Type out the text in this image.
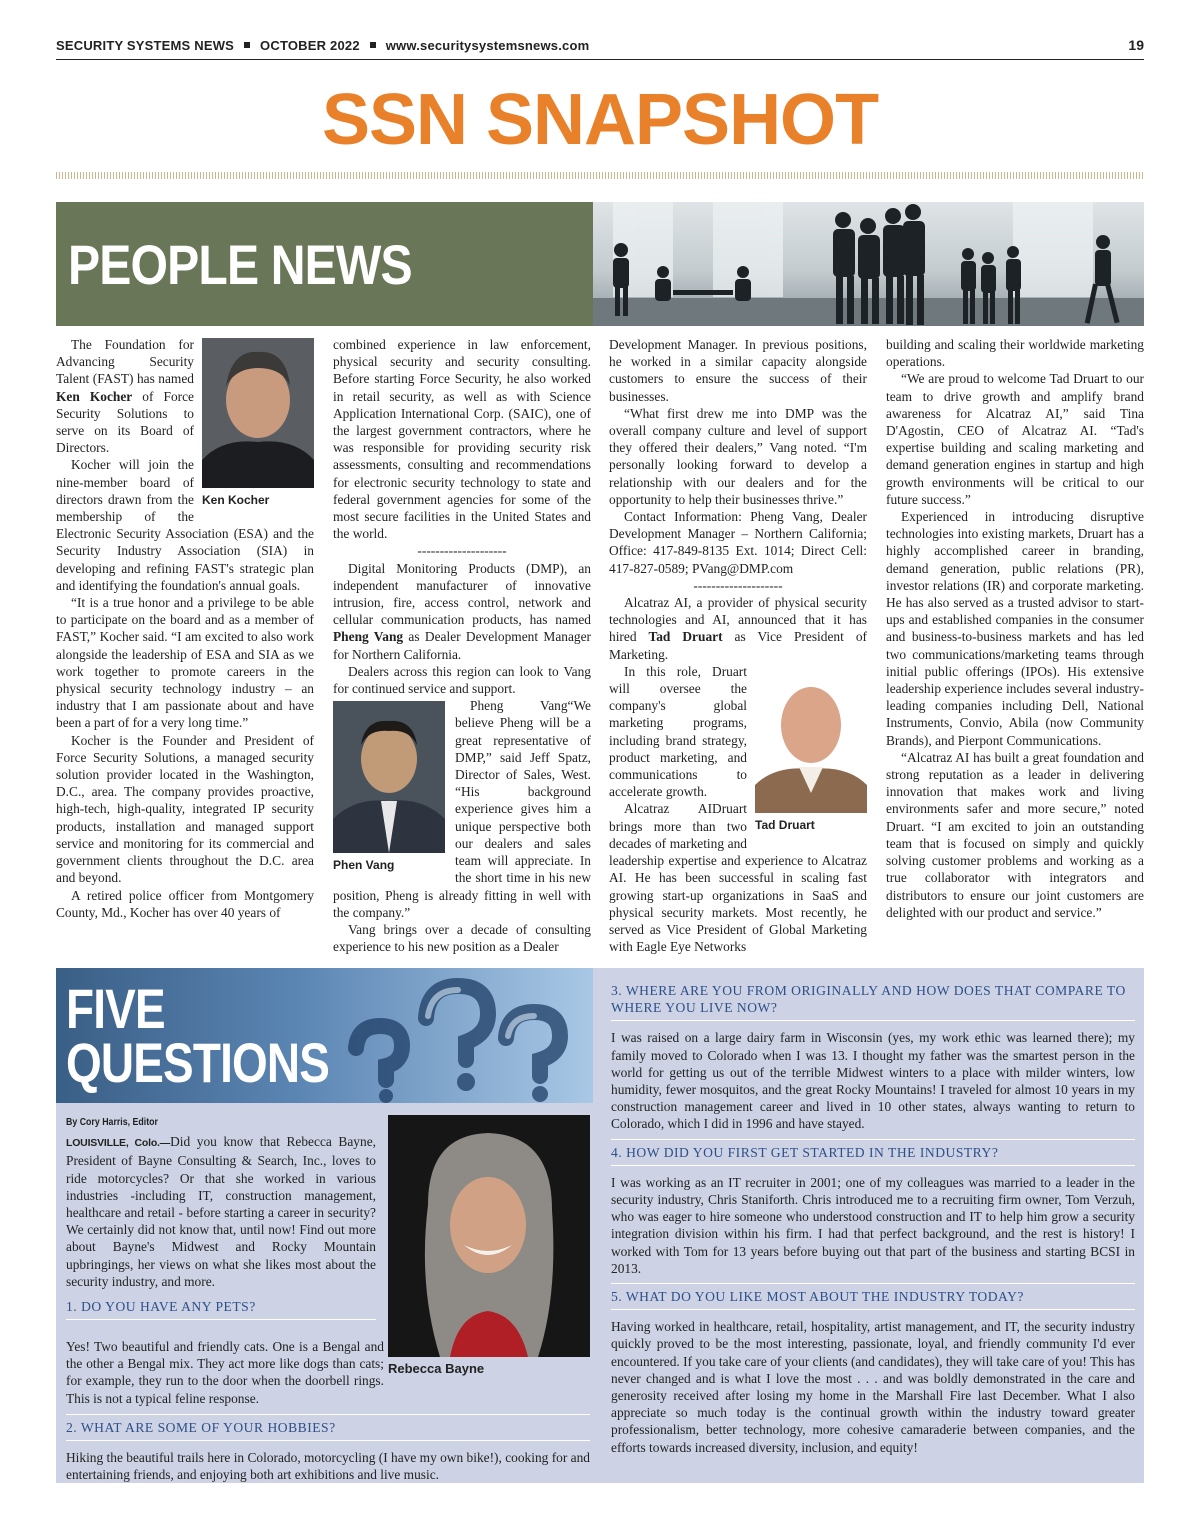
SECURITY SYSTEMS NEWS OCTOBER 2022 www.securitysystemsnews.com	19
SSN SNAPSHOT
PEOPLE NEWS
Ken Kocher

The Foundation for Advancing Security Talent (FAST) has named Ken Kocher of Force Security Solutions to serve on its Board of Directors.

Kocher will join the nine-member board of directors drawn from the membership of the Electronic Security Association (ESA) and the Security Industry Association (SIA) in developing and refining FAST's strategic plan and identifying the foundation's annual goals.

“It is a true honor and a privilege to be able to participate on the board and as a member of FAST,” Kocher said. “I am excited to also work alongside the leadership of ESA and SIA as we work together to promote careers in the physical security technology industry – an industry that I am passionate about and have been a part of for a very long time.”

Kocher is the Founder and President of Force Security Solutions, a managed security solution provider located in the Washington, D.C., area. The company provides proactive, high-tech, high-quality, integrated IP security products, installation and managed support service and monitoring for its commercial and government clients throughout the D.C. area and beyond.

A retired police officer from Montgomery County, Md., Kocher has over 40 years of

combined experience in law enforcement, physical security and security consulting. Before starting Force Security, he also worked in retail security, as well as with Science Application International Corp. (SAIC), one of the largest government contractors, where he was responsible for providing security risk assessments, consulting and recommendations for electronic security technology to state and federal government agencies for some of the most secure facilities in the United States and the world.

--------------------

Digital Monitoring Products (DMP), an independent manufacturer of innovative intrusion, fire, access control, network and cellular communication products, has named Pheng Vang as Dealer Development Manager for Northern California.

Dealers across this region can look to Vang for continued service and support.

Phen Vang

Pheng Vang“We believe Pheng will be a great representative of DMP,” said Jeff Spatz, Director of Sales, West. “His background experience gives him a unique perspective both our dealers and sales team will appreciate. In the short time in his new position, Pheng is already fitting in well with the company.”

Vang brings over a decade of consulting experience to his new position as a Dealer

Development Manager. In previous positions, he worked in a similar capacity alongside customers to ensure the success of their businesses.

“What first drew me into DMP was the overall company culture and level of support they offered their dealers,” Vang noted. “I'm personally looking forward to develop a relationship with our dealers and for the opportunity to help their businesses thrive.”

Contact Information: Pheng Vang, Dealer Development Manager – Northern California; Office: 417-849-8135 Ext. 1014; Direct Cell: 417-827-0589; PVang@DMP.com

--------------------

Alcatraz AI, a provider of physical security technologies and AI, announced that it has hired Tad Druart as Vice President of Marketing.

Tad Druart

In this role, Druart will oversee the company's global marketing programs, including brand strategy, product marketing, and communications to accelerate growth.

Alcatraz AIDruart brings more than two decades of marketing and leadership expertise and experience to Alcatraz AI. He has been successful in scaling fast growing start-up organizations in SaaS and physical security markets. Most recently, he served as Vice President of Global Marketing with Eagle Eye Networks

building and scaling their worldwide marketing operations.

“We are proud to welcome Tad Druart to our team to drive growth and amplify brand awareness for Alcatraz AI,” said Tina D'Agostin, CEO of Alcatraz AI. “Tad's expertise building and scaling marketing and demand generation engines in startup and high growth environments will be critical to our future success.”

Experienced in introducing disruptive technologies into existing markets, Druart has a highly accomplished career in branding, demand generation, public relations (PR), investor relations (IR) and corporate marketing. He has also served as a trusted advisor to start-ups and established companies in the consumer and business-to-business markets and has led two communications/marketing teams through initial public offerings (IPOs). His extensive leadership experience includes several industry-leading companies including Dell, National Instruments, Convio, Abila (now Community Brands), and Pierpont Communications.

“Alcatraz AI has built a great foundation and strong reputation as a leader in delivering innovation that makes work and living environments safer and more secure,” noted Druart. “I am excited to join an outstanding team that is focused on simply and quickly solving customer problems and working as a true collaborator with integrators and distributors to ensure our joint customers are delighted with our product and service.”

FIVE
QUESTIONS
Rebecca Bayne
By Cory Harris, Editor

LOUISVILLE, Colo.—Did you know that Rebecca Bayne, President of Bayne Consulting & Search, Inc., loves to ride motorcycles? Or that she worked in various industries -including IT, construction management, healthcare and retail - before starting a career in security? We certainly did not know that, until now! Find out more about Bayne's Midwest and Rocky Mountain upbringings, her views on what she likes most about the security industry, and more.

1. DO YOU HAVE ANY PETS?

Yes! Two beautiful and friendly cats. One is a Bengal and the other a Bengal mix. They act more like dogs than cats; for example, they run to the door when the doorbell rings. This is not a typical feline response.

2. WHAT ARE SOME OF YOUR HOBBIES?

Hiking the beautiful trails here in Colorado, motorcycling (I have my own bike!), cooking for and entertaining friends, and enjoying both art exhibitions and live music.

3. WHERE ARE YOU FROM ORIGINALLY AND HOW DOES THAT COMPARE TO WHERE YOU LIVE NOW?

I was raised on a large dairy farm in Wisconsin (yes, my work ethic was learned there); my family moved to Colorado when I was 13. I thought my father was the smartest person in the world for getting us out of the terrible Midwest winters to a place with milder winters, low humidity, fewer mosquitos, and the great Rocky Mountains! I traveled for almost 10 years in my construction management career and lived in 10 other states, always wanting to return to Colorado, which I did in 1996 and have stayed.

4. HOW DID YOU FIRST GET STARTED IN THE INDUSTRY?

I was working as an IT recruiter in 2001; one of my colleagues was married to a leader in the security industry, Chris Staniforth. Chris introduced me to a recruiting firm owner, Tom Verzuh, who was eager to hire someone who understood construction and IT to help him grow a security integration division within his firm. I had that perfect background, and the rest is history! I worked with Tom for 13 years before buying out that part of the business and starting BCSI in 2013.

5. WHAT DO YOU LIKE MOST ABOUT THE INDUSTRY TODAY?

Having worked in healthcare, retail, hospitality, artist management, and IT, the security industry quickly proved to be the most interesting, passionate, loyal, and friendly community I'd ever encountered. If you take care of your clients (and candidates), they will take care of you! This has never changed and is what I love the most . . . and was boldly demonstrated in the care and generosity received after losing my home in the Marshall Fire last December. What I also appreciate so much today is the continual growth within the industry toward greater professionalism, better technology, more cohesive camaraderie between companies, and the efforts towards increased diversity, inclusion, and equity!
